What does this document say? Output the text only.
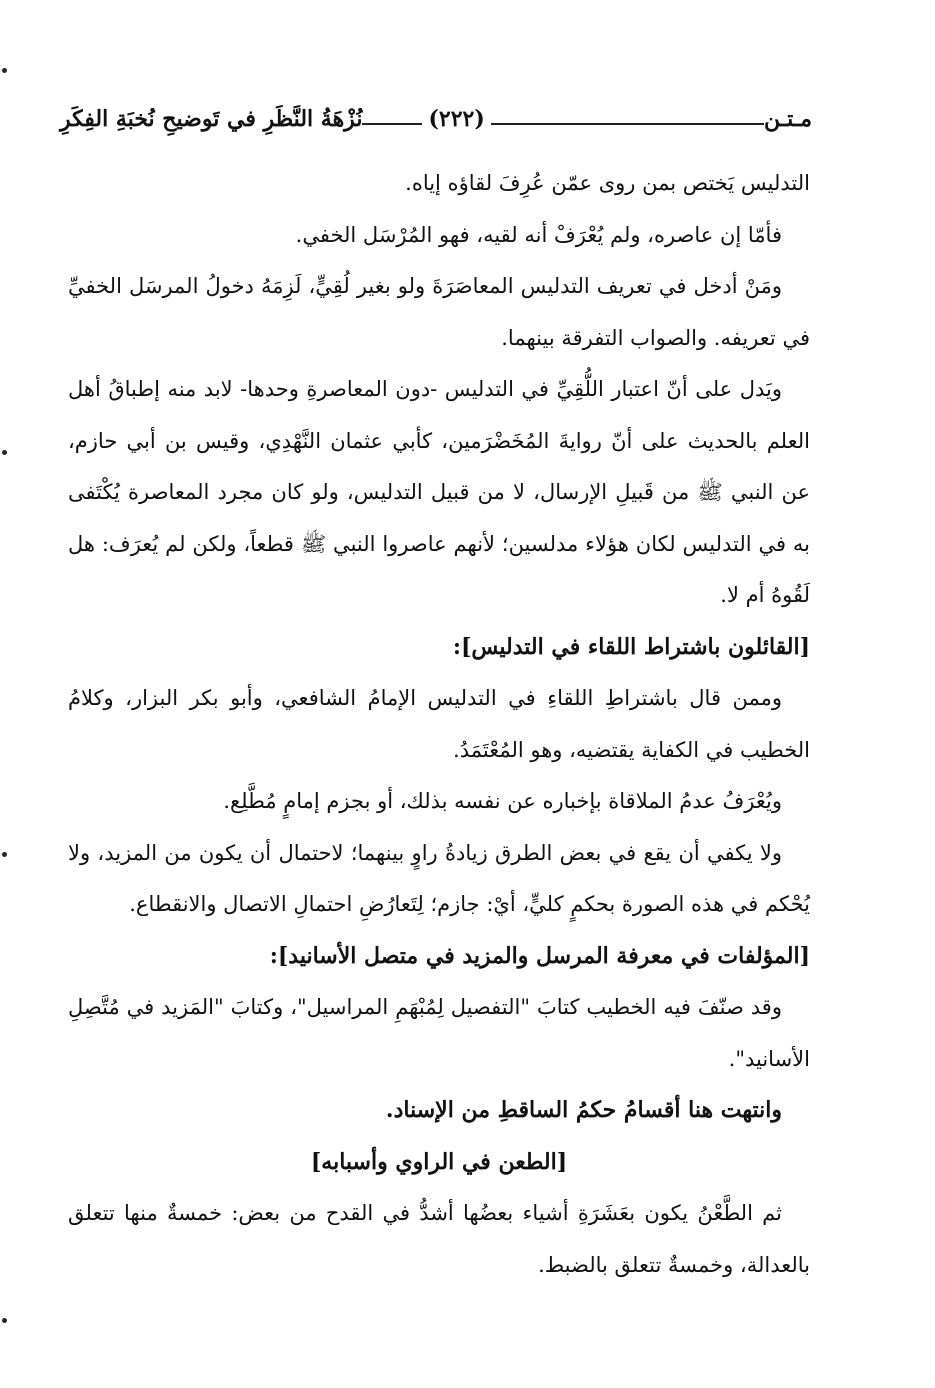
مـتـن
(٢٢٢)
نُزْهَةُ النَّظَرِ في تَوضيحِ نُخبَةِ الفِكَرِ

التدليس يَختص بمن روى عمّن عُرِفَ لقاؤه إياه.

فأمّا إن عاصره، ولم يُعْرَفْ أنه لقيه، فهو المُرْسَل الخفي.

ومَنْ أدخل في تعريف التدليس المعاصَرَةَ ولو بغير لُقِيٍّ، لَزِمَهُ دخولُ المرسَل الخفيِّ في تعريفه. والصواب التفرقة بينهما.

ويَدل على أنّ اعتبار اللُّقِيِّ في التدليس -دون المعاصرةِ وحدها- لابد منه إطباقُ أهل العلم بالحديث على أنّ روايةَ المُخَضْرَمين، كأبي عثمان النَّهْدِي، وقيس بن أبي حازم، عن النبي ﷺ من قَبيلِ الإرسال، لا من قبيل التدليس، ولو كان مجرد المعاصرة يُكْتَفى به في التدليس لكان هؤلاء مدلسين؛ لأنهم عاصروا النبي ﷺ قطعاً، ولكن لم يُعرَف: هل لَقُوهُ أم لا.

[القائلون باشتراط اللقاء في التدليس]:

وممن قال باشتراطِ اللقاءِ في التدليس الإمامُ الشافعي، وأبو بكر البزار، وكلامُ الخطيب في الكفاية يقتضيه، وهو المُعْتَمَدُ.

ويُعْرَفُ عدمُ الملاقاة بإخباره عن نفسه بذلك، أو بجزم إمامٍ مُطَّلِع.

ولا يكفي أن يقع في بعض الطرق زيادةُ راوٍ بينهما؛ لاحتمال أن يكون من المزيد، ولا يُحْكم في هذه الصورة بحكمٍ كليٍّ، أيْ: جازم؛ لِتَعارُضِ احتمالِ الاتصال والانقطاع.

[المؤلفات في معرفة المرسل والمزيد في متصل الأسانيد]:

وقد صنّفَ فيه الخطيب كتابَ "التفصيل لِمُبْهَمِ المراسيل"، وكتابَ "المَزيد في مُتَّصِلِ الأسانيد".

وانتهت هنا أقسامُ حكمُ الساقطِ من الإسناد.

[الطعن في الراوي وأسبابه]

ثم الطَّعْنُ يكون بعَشَرَةِ أشياء بعضُها أشدُّ في القدح من بعض: خمسةٌ منها تتعلق بالعدالة، وخمسةٌ تتعلق بالضبط.
